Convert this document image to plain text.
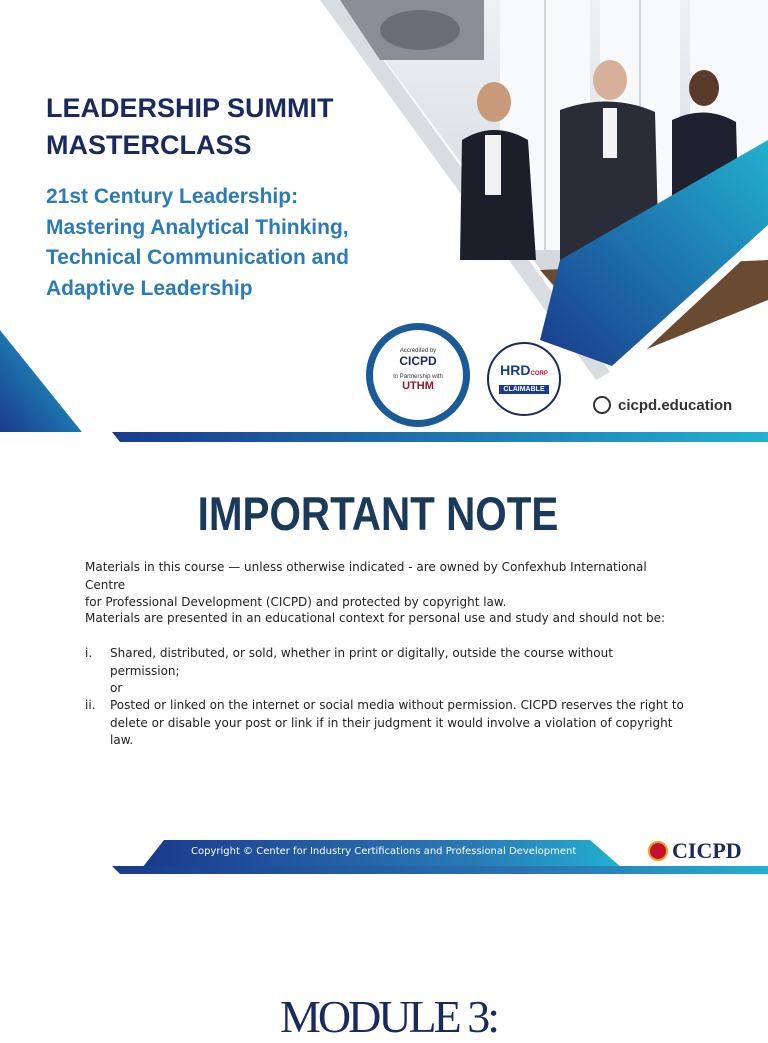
LEADERSHIP SUMMIT MASTERCLASS

21st Century Leadership:
Mastering Analytical Thinking,
Technical Communication and
Adaptive Leadership

Accredited by
CICPD
In Partnership with
UTHM
HRDCORP
CLAIMABLE
cicpd.education
IMPORTANT NOTE
Materials in this course — unless otherwise indicated - are owned by Confexhub International Centre
for Professional Development (CICPD) and protected by copyright law.
Materials are presented in an educational context for personal use and study and should not be:
i. Shared, distributed, or sold, whether in print or digitally, outside the course without permission;
or
ii. Posted or linked on the internet or social media without permission. CICPD reserves the right to
delete or disable your post or link if in their judgment it would involve a violation of copyright
law.
Copyright © Center for Industry Certifications and Professional Development	CICPD
MODULE 3:
